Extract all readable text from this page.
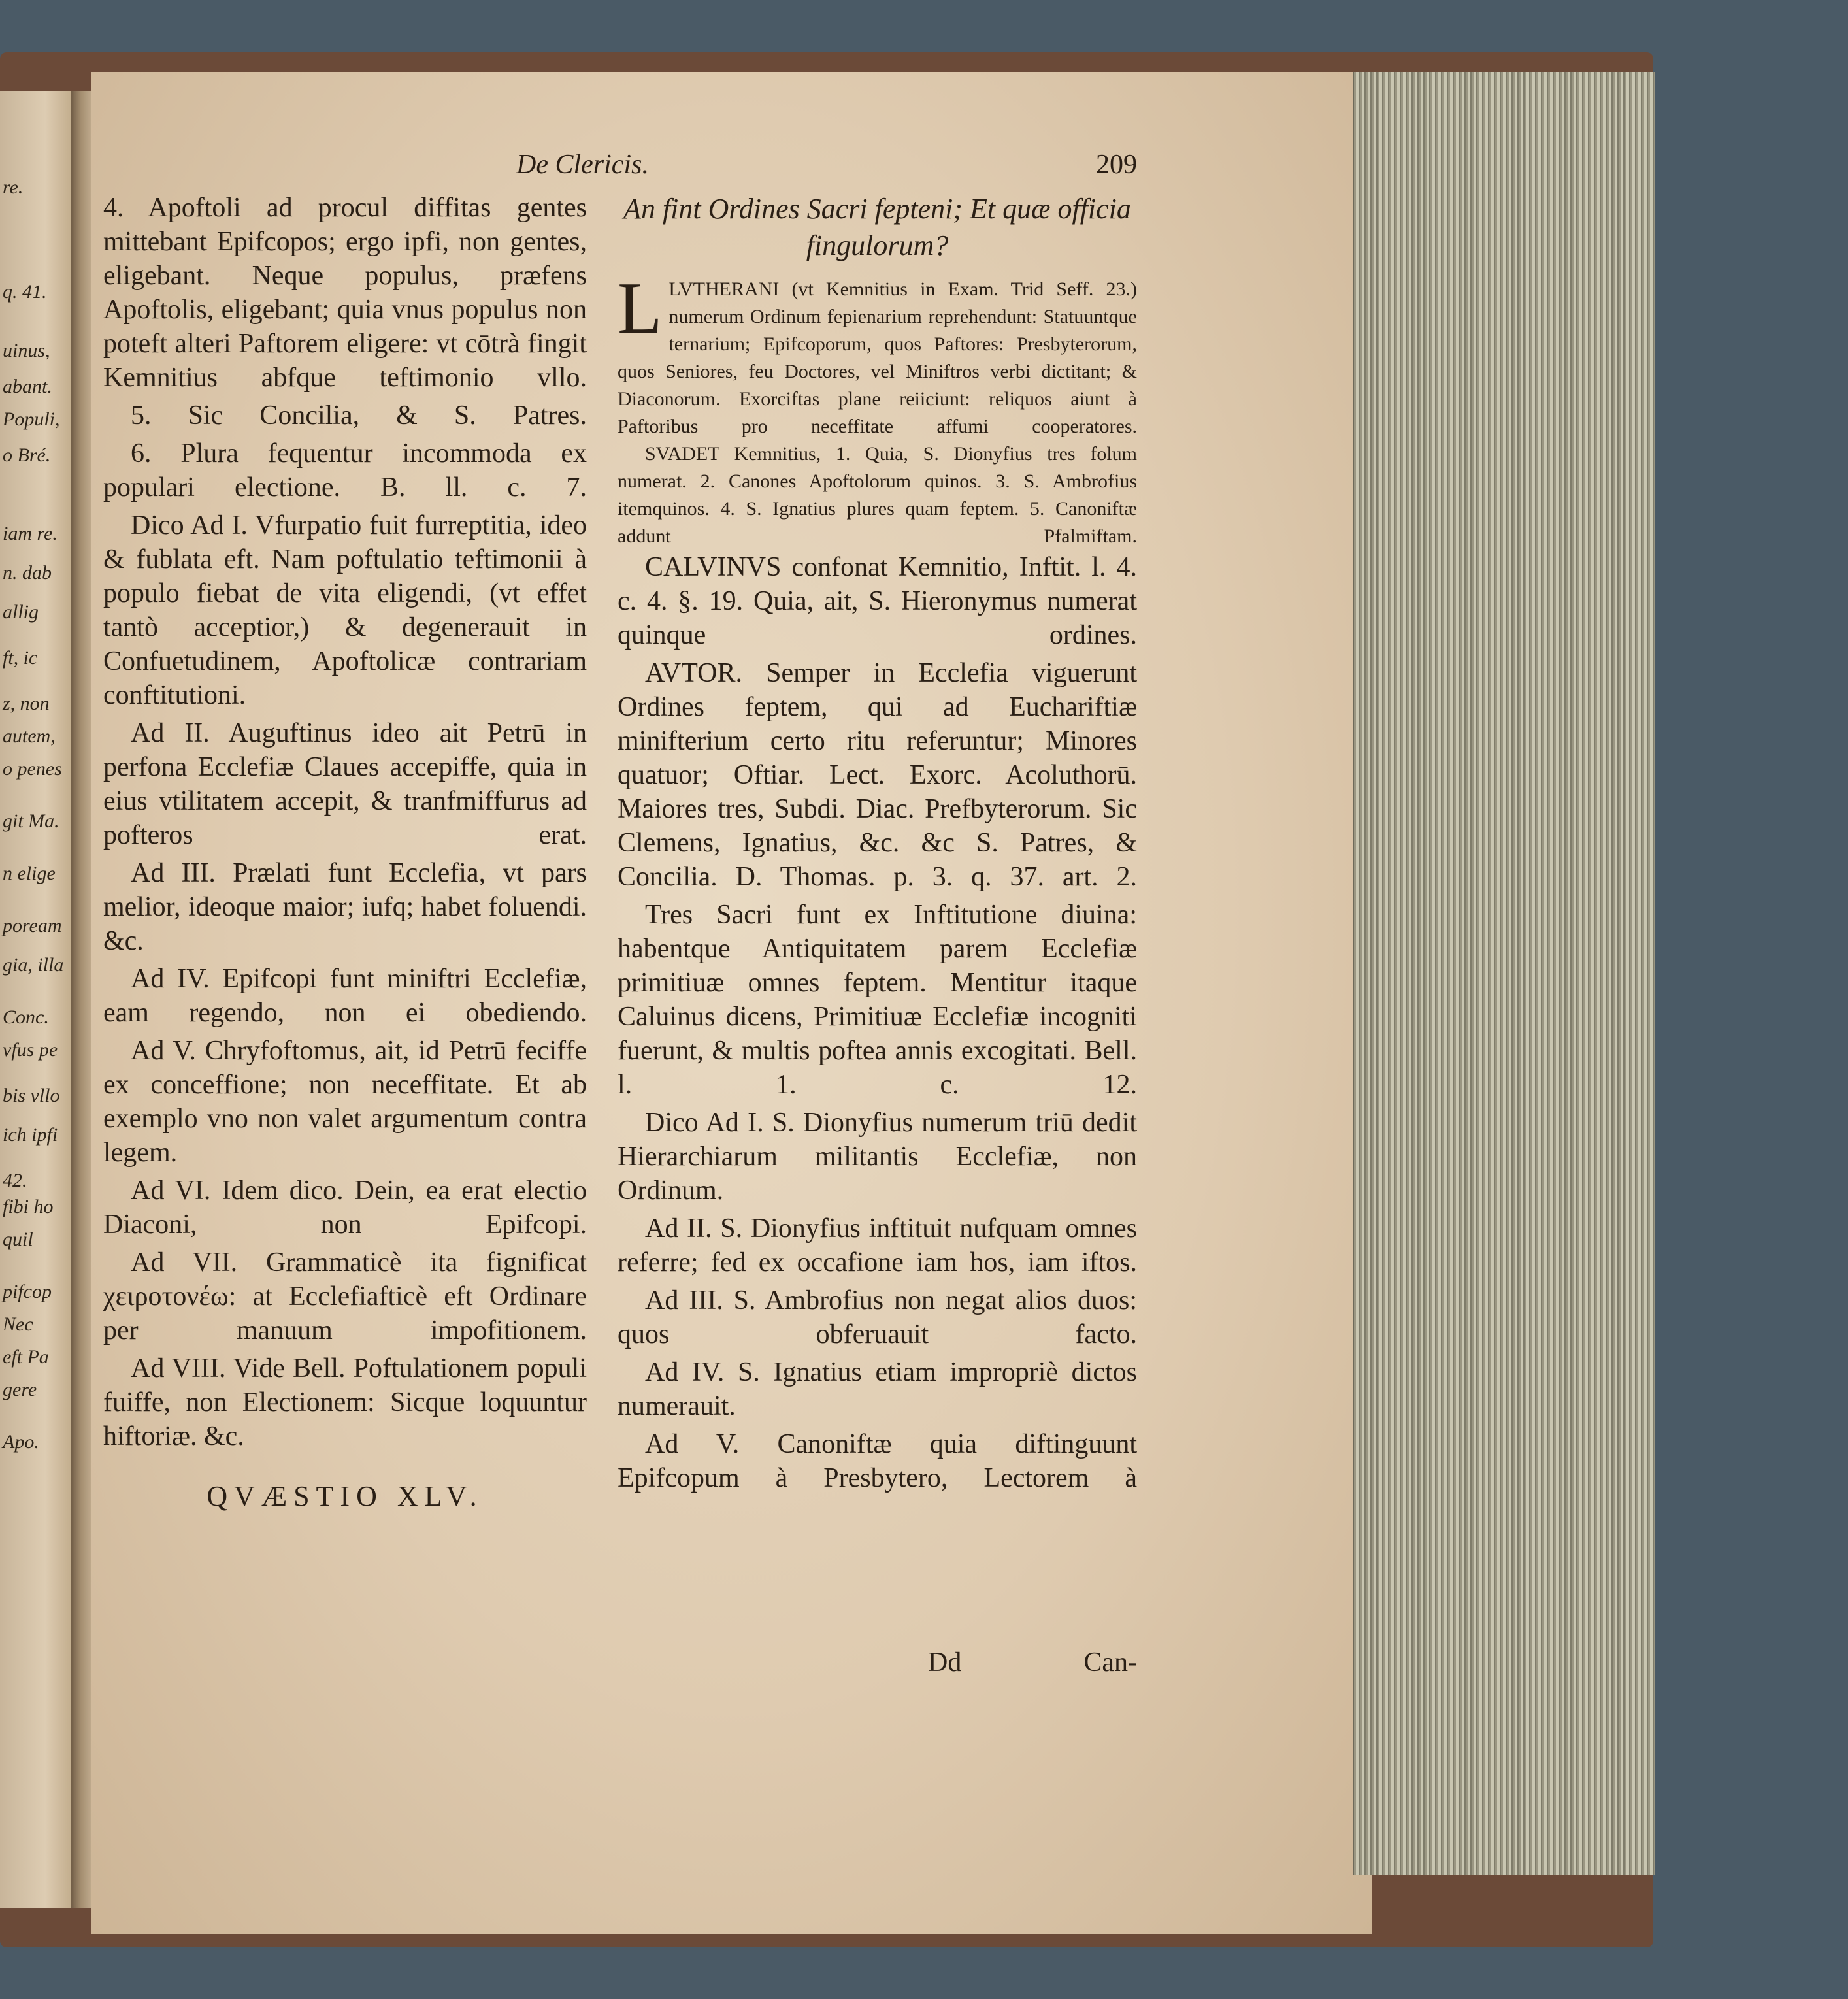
re.
q. 41.
uinus,
abant.
Populi,
o Bré.
iam re.
n. dab
allig
ft, ic
z, non
autem,
o penes
git Ma.
n elige
poream
gia, illa
Conc.
vfus pe
bis vllo
ich ipfi
42.
fibi ho
quil
pifcop
Nec
eft Pa
gere
Apo.
De Clericis.	209

4. Apoftoli ad procul diffitas gentes mittebant Epifcopos; ergo ipfi, non gentes, eligebant. Neque populus, præfens Apoftolis, eligebant; quia vnus populus non poteft alteri Paftorem eligere: vt cōtrà fingit Kemnitius abfque teftimonio vllo.

5. Sic Concilia, & S. Patres.

6. Plura fequentur incommoda ex populari electione. B. ll. c. 7.

Dico Ad I. Vfurpatio fuit furreptitia, ideo & fublata eft. Nam poftulatio teftimonii à populo fiebat de vita eligendi, (vt effet tantò acceptior,) & degenerauit in Confuetudinem, Apoftolicæ contrariam conftitutioni.

Ad II. Auguftinus ideo ait Petrū in perfona Ecclefiæ Claues accepiffe, quia in eius vtilitatem accepit, & tranfmiffurus ad pofteros erat.

Ad III. Prælati funt Ecclefia, vt pars melior, ideoque maior; iufq; habet foluendi. &c.

Ad IV. Epifcopi funt miniftri Ecclefiæ, eam regendo, non ei obediendo.

Ad V. Chryfoftomus, ait, id Petrū feciffe ex conceffione; non neceffitate. Et ab exemplo vno non valet argumentum contra legem.

Ad VI. Idem dico. Dein, ea erat electio Diaconi, non Epifcopi.

Ad VII. Grammaticè ita fignificat χειροτονέω: at Ecclefiafticè eft Ordinare per manuum impofitionem.

Ad VIII. Vide Bell. Poftulationem populi fuiffe, non Electionem: Sicque loquuntur hiftoriæ. &c.

QVÆSTIO XLV.
An fint Ordines Sacri fepteni; Et quæ officia fingulorum?

LLVTHERANI (vt Kemnitius in Exam. Trid Seff. 23.) numerum Ordinum fepienarium reprehendunt: Statuuntque ternarium; Epifcoporum, quos Paftores: Presbyterorum, quos Seniores, feu Doctores, vel Miniftros verbi dictitant; & Diaconorum. Exorciftas plane reiiciunt: reliquos aiunt à Paftoribus pro neceffitate affumi cooperatores.

SVADET Kemnitius, 1. Quia, S. Dionyfius tres folum numerat. 2. Canones Apoftolorum quinos. 3. S. Ambrofius itemquinos. 4. S. Ignatius plures quam feptem. 5. Canoniftæ addunt Pfalmiftam.

CALVINVS confonat Kemnitio, Inftit. l. 4. c. 4. §. 19. Quia, ait, S. Hieronymus numerat quinque ordines.

AVTOR. Semper in Ecclefia viguerunt Ordines feptem, qui ad Euchariftiæ minifterium certo ritu referuntur; Minores quatuor; Oftiar. Lect. Exorc. Acoluthorū. Maiores tres, Subdi. Diac. Prefbyterorum. Sic Clemens, Ignatius, &c. &c S. Patres, & Concilia. D. Thomas. p. 3. q. 37. art. 2.

Tres Sacri funt ex Inftitutione diuina: habentque Antiquitatem parem Ecclefiæ primitiuæ omnes feptem. Mentitur itaque Caluinus dicens, Primitiuæ Ecclefiæ incogniti fuerunt, & multis poftea annis excogitati. Bell. l. 1. c. 12.

Dico Ad I. S. Dionyfius numerum triū dedit Hierarchiarum militantis Ecclefiæ, non Ordinum.

Ad II. S. Dionyfius inftituit nufquam omnes referre; fed ex occafione iam hos, iam iftos.

Ad III. S. Ambrofius non negat alios duos: quos obferuauit facto.

Ad IV. S. Ignatius etiam impropriè dictos numerauit.

Ad V. Canoniftæ quia diftinguunt Epifcopum à Presbytero, Lectorem à

Dd	Can-
